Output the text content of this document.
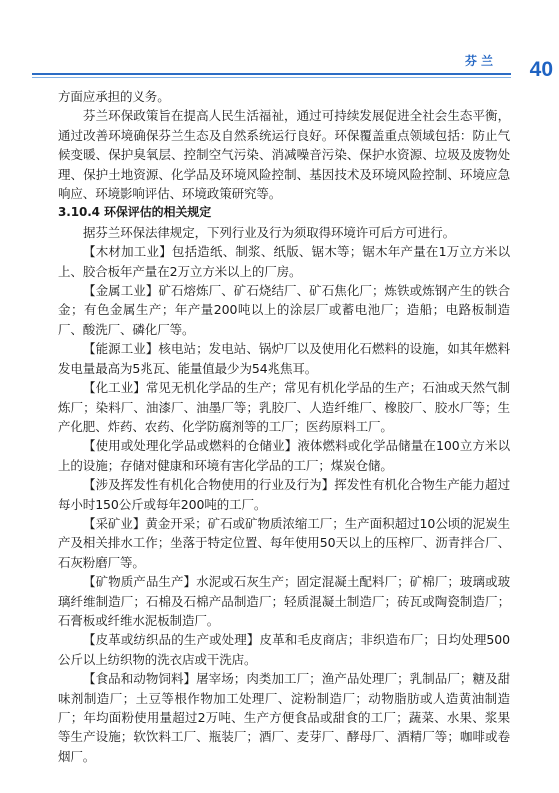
芬兰 40

方面应承担的义务。

芬兰环保政策旨在提高人民生活福祉，通过可持续发展促进全社会生态平衡，通过改善环境确保芬兰生态及自然系统运行良好。环保覆盖重点领域包括：防止气候变暖、保护臭氧层、控制空气污染、消减噪音污染、保护水资源、垃圾及废物处理、保护土地资源、化学品及环境风险控制、基因技术及环境风险控制、环境应急响应、环境影响评估、环境政策研究等。

3.10.4 环保评估的相关规定

据芬兰环保法律规定，下列行业及行为须取得环境许可后方可进行。

【木材加工业】包括造纸、制浆、纸版、锯木等；锯木年产量在1万立方米以上、胶合板年产量在2万立方米以上的厂房。

【金属工业】矿石熔炼厂、矿石烧结厂、矿石焦化厂；炼铁或炼钢产生的铁合金；有色金属生产；年产量200吨以上的涂层厂或蓄电池厂；造船；电路板制造厂、酸洗厂、磷化厂等。

【能源工业】核电站；发电站、锅炉厂以及使用化石燃料的设施，如其年燃料发电量最高为5兆瓦、能量值最少为54兆焦耳。

【化工业】常见无机化学品的生产；常见有机化学品的生产；石油或天然气制炼厂；染料厂、油漆厂、油墨厂等；乳胶厂、人造纤维厂、橡胶厂、胶水厂等；生产化肥、炸药、农药、化学防腐剂等的工厂；医药原料工厂。

【使用或处理化学品或燃料的仓储业】液体燃料或化学品储量在100立方米以上的设施；存储对健康和环境有害化学品的工厂；煤炭仓储。

【涉及挥发性有机化合物使用的行业及行为】挥发性有机化合物生产能力超过每小时150公斤或每年200吨的工厂。

【采矿业】黄金开采；矿石或矿物质浓缩工厂；生产面积超过10公顷的泥炭生产及相关排水工作；坐落于特定位置、每年使用50天以上的压榨厂、沥青拌合厂、石灰粉磨厂等。

【矿物质产品生产】水泥或石灰生产；固定混凝土配料厂；矿棉厂；玻璃或玻璃纤维制造厂；石棉及石棉产品制造厂；轻质混凝土制造厂；砖瓦或陶瓷制造厂；石膏板或纤维水泥板制造厂。

【皮革或纺织品的生产或处理】皮革和毛皮商店；非织造布厂；日均处理500公斤以上纺织物的洗衣店或干洗店。

【食品和动物饲料】屠宰场；肉类加工厂；渔产品处理厂；乳制品厂；糖及甜味剂制造厂；土豆等根作物加工处理厂、淀粉制造厂；动物脂肪或人造黄油制造厂；年均面粉使用量超过2万吨、生产方便食品或甜食的工厂；蔬菜、水果、浆果等生产设施；软饮料工厂、瓶装厂；酒厂、麦芽厂、酵母厂、酒精厂等；咖啡或卷烟厂。
